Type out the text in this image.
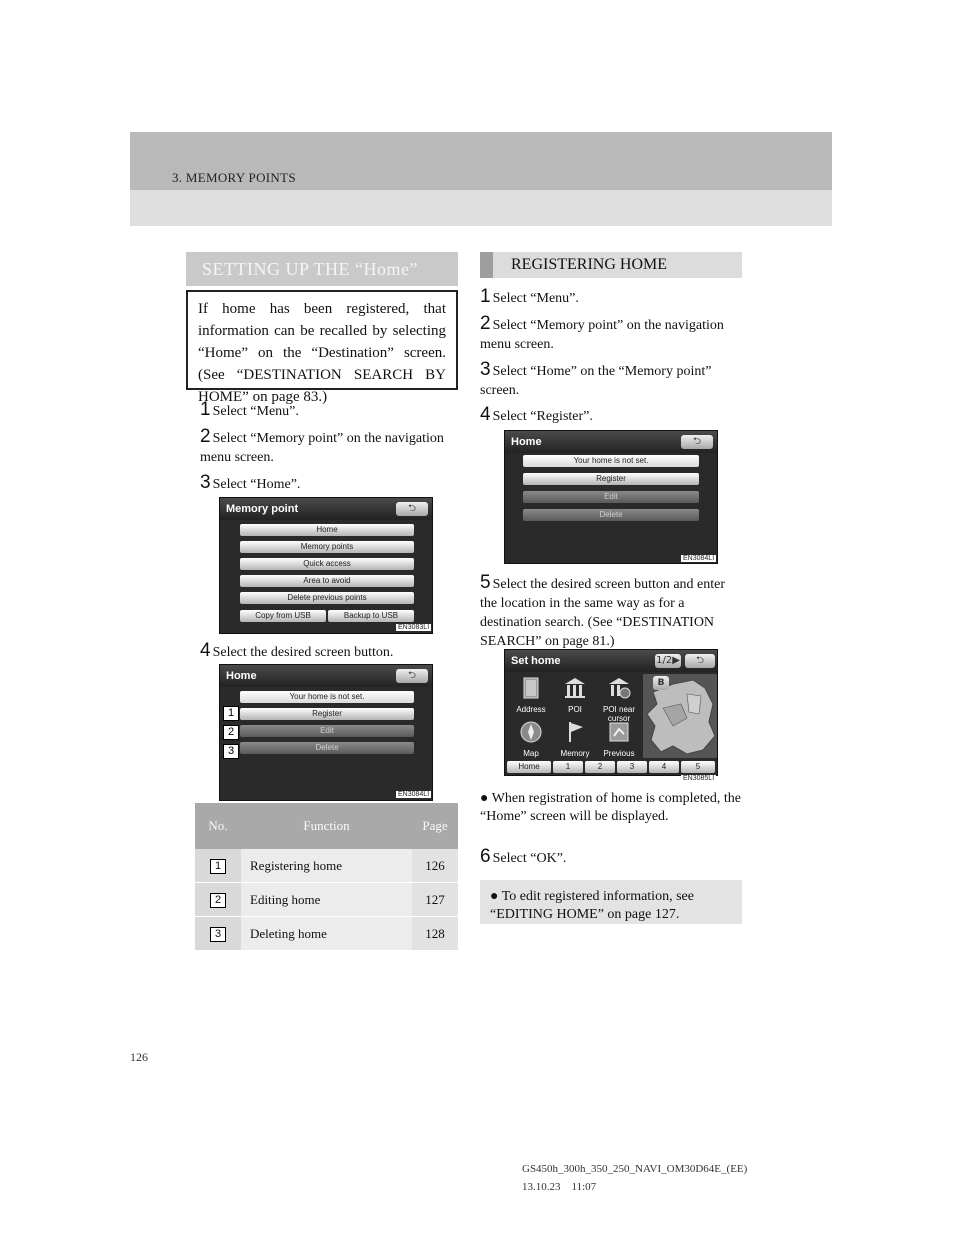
3. MEMORY POINTS
SETTING UP THE “Home”
If home has been registered, that information can be recalled by selecting “Home” on the “Destination” screen. (See “DESTINATION SEARCH BY HOME” on page 83.)
1 Select “Menu”.
2 Select “Memory point” on the navigation menu screen.
3 Select “Home”.
Memory point	⮌
Home
Memory points
Quick access
Area to avoid
Delete previous points
Copy from USB	Backup to USB
EN3083LI
4 Select the desired screen button.
Home	⮌
Your home is not set.
Register
Edit
Delete
1
2
3
EN3084LI
No.	Function	Page
1	Registering home	126
2	Editing home	127
3	Deleting home	128
REGISTERING HOME
1 Select “Menu”.
2 Select “Memory point” on the navigation menu screen.
3 Select “Home” on the “Memory point” screen.
4 Select “Register”.
Home	⮌
Your home is not set.
Register
Edit
Delete
EN3084LI
5 Select the desired screen button and enter the location in the same way as for a destination search. (See “DESTINATION SEARCH” on page 81.)
Set home	1/2▶	⮌
B
Address	POI	POI near cursor
Map	Memory	Previous
Home	1	2	3	4	5
EN3085LI
● When registration of home is completed, the “Home” screen will be displayed.
6 Select “OK”.
● To edit registered information, see “EDITING HOME” on page 127.
126
GS450h_300h_350_250_NAVI_OM30D64E_(EE)
13.10.23    11:07
